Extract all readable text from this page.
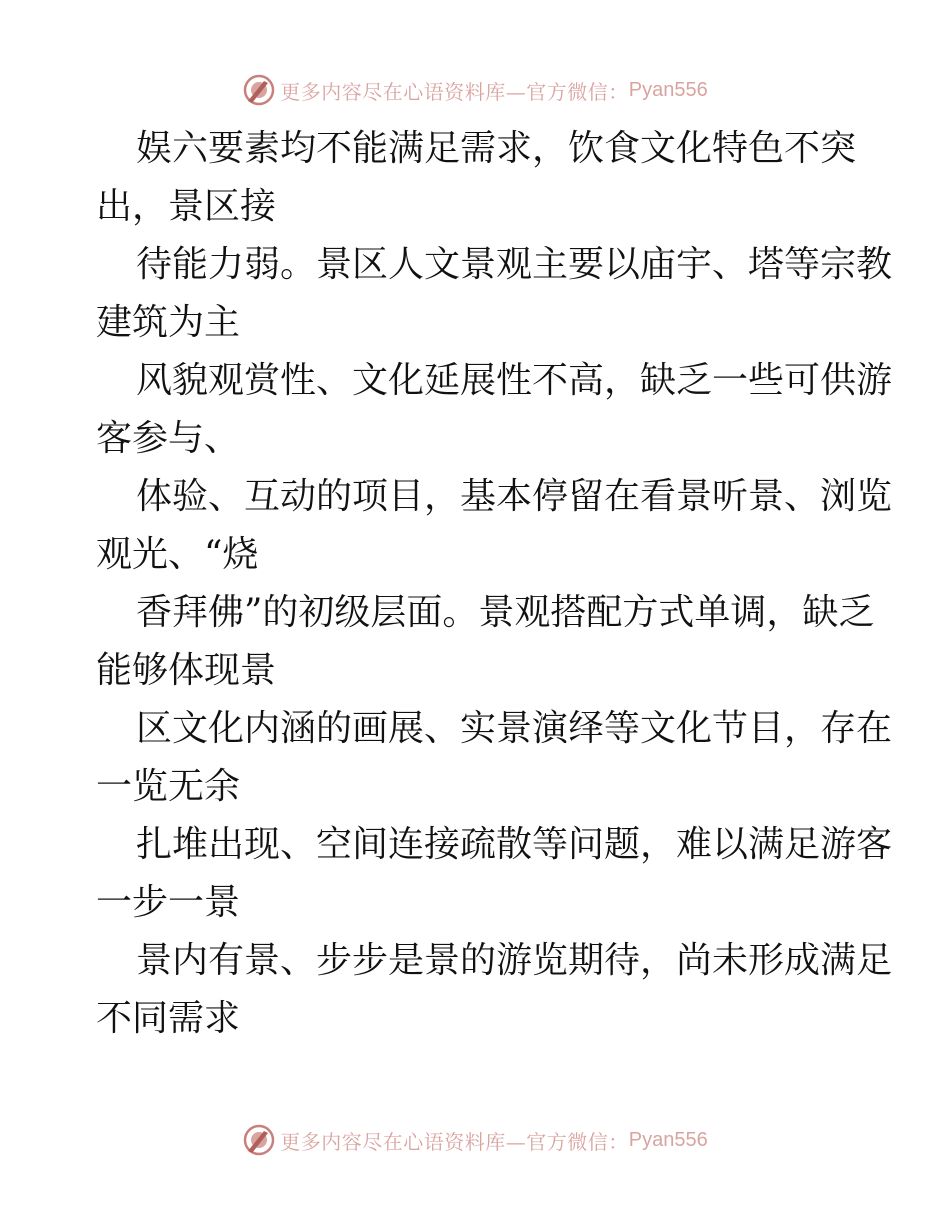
更多内容尽在心语资料库—官方微信： Pyan556

娱六要素均不能满足需求，饮食文化特色不突
出，景区接

待能力弱。景区人文景观主要以庙宇、塔等宗教
建筑为主

风貌观赏性、文化延展性不高，缺乏一些可供游
客参与、

体验、互动的项目，基本停留在看景听景、浏览
观光、“烧

香拜佛”的初级层面。景观搭配方式单调，缺乏
能够体现景

区文化内涵的画展、实景演绎等文化节目，存在
一览无余

扎堆出现、空间连接疏散等问题，难以满足游客
一步一景

景内有景、步步是景的游览期待，尚未形成满足
不同需求

更多内容尽在心语资料库—官方微信： Pyan556
